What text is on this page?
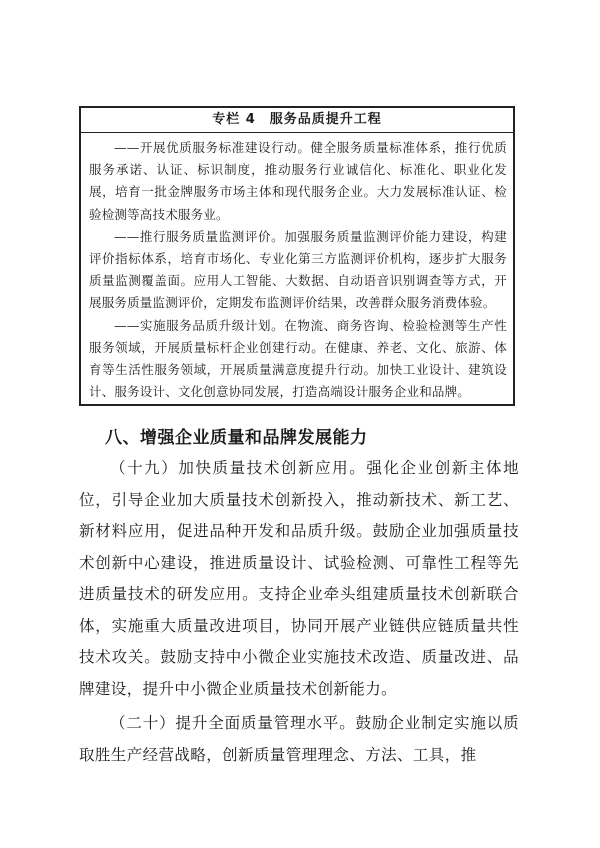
专栏 4　服务品质提升工程

——开展优质服务标准建设行动。健全服务质量标准体系，推行优质服务承诺、认证、标识制度，推动服务行业诚信化、标准化、职业化发展，培育一批金牌服务市场主体和现代服务企业。大力发展标准认证、检验检测等高技术服务业。

——推行服务质量监测评价。加强服务质量监测评价能力建设，构建评价指标体系，培育市场化、专业化第三方监测评价机构，逐步扩大服务质量监测覆盖面。应用人工智能、大数据、自动语音识别调查等方式，开展服务质量监测评价，定期发布监测评价结果，改善群众服务消费体验。

——实施服务品质升级计划。在物流、商务咨询、检验检测等生产性服务领域，开展质量标杆企业创建行动。在健康、养老、文化、旅游、体育等生活性服务领域，开展质量满意度提升行动。加快工业设计、建筑设计、服务设计、文化创意协同发展，打造高端设计服务企业和品牌。

八、增强企业质量和品牌发展能力

（十九）加快质量技术创新应用。强化企业创新主体地位，引导企业加大质量技术创新投入，推动新技术、新工艺、新材料应用，促进品种开发和品质升级。鼓励企业加强质量技术创新中心建设，推进质量设计、试验检测、可靠性工程等先进质量技术的研发应用。支持企业牵头组建质量技术创新联合体，实施重大质量改进项目，协同开展产业链供应链质量共性技术攻关。鼓励支持中小微企业实施技术改造、质量改进、品牌建设，提升中小微企业质量技术创新能力。

（二十）提升全面质量管理水平。鼓励企业制定实施以质取胜生产经营战略，创新质量管理理念、方法、工具，推
